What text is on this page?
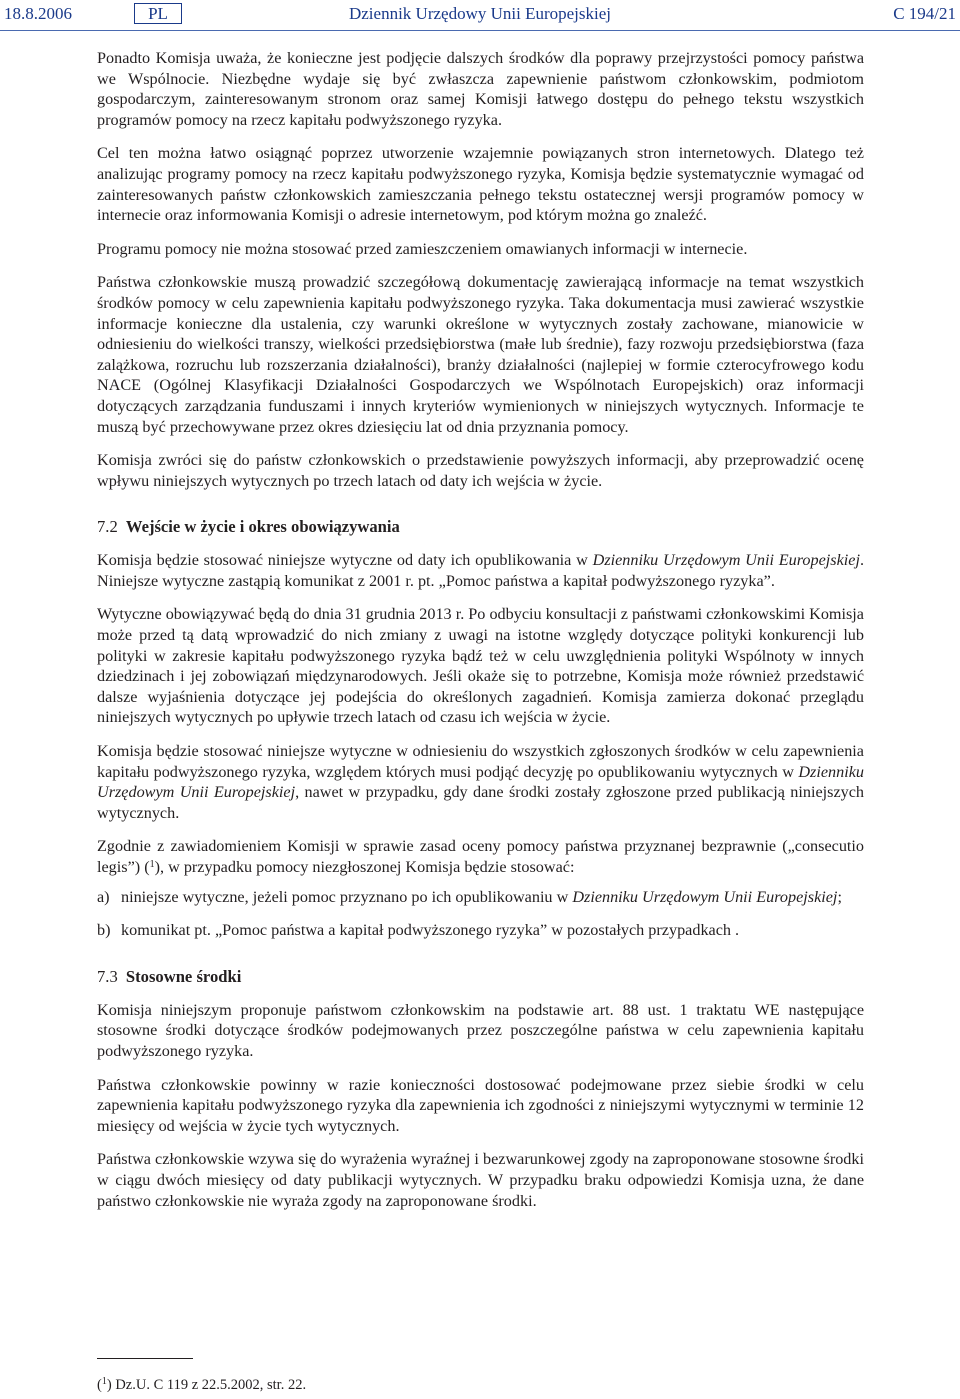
18.8.2006	PL	Dziennik Urzędowy Unii Europejskiej	C 194/21

Ponadto Komisja uważa, że konieczne jest podjęcie dalszych środków dla poprawy przejrzystości pomocy państwa we Wspólnocie. Niezbędne wydaje się być zwłaszcza zapewnienie państwom członkowskim, podmiotom gospodarczym, zainteresowanym stronom oraz samej Komisji łatwego dostępu do pełnego tekstu wszystkich programów pomocy na rzecz kapitału podwyższonego ryzyka.

Cel ten można łatwo osiągnąć poprzez utworzenie wzajemnie powiązanych stron internetowych. Dlatego też analizując programy pomocy na rzecz kapitału podwyższonego ryzyka, Komisja będzie systematycznie wymagać od zainteresowanych państw członkowskich zamieszczania pełnego tekstu ostatecznej wersji programów pomocy w internecie oraz informowania Komisji o adresie internetowym, pod którym można go znaleźć.

Programu pomocy nie można stosować przed zamieszczeniem omawianych informacji w internecie.

Państwa członkowskie muszą prowadzić szczegółową dokumentację zawierającą informacje na temat wszystkich środków pomocy w celu zapewnienia kapitału podwyższonego ryzyka. Taka dokumentacja musi zawierać wszystkie informacje konieczne dla ustalenia, czy warunki określone w wytycznych zostały zachowane, mianowicie w odniesieniu do wielkości transzy, wielkości przedsiębiorstwa (małe lub średnie), fazy rozwoju przedsiębiorstwa (faza zalążkowa, rozruchu lub rozszerzania działalności), branży działalności (najlepiej w formie czterocyfrowego kodu NACE (Ogólnej Klasyfikacji Działalności Gospodarczych we Wspólnotach Europejskich) oraz informacji dotyczących zarządzania funduszami i innych kryteriów wymienionych w niniejszych wytycznych. Informacje te muszą być przechowywane przez okres dziesięciu lat od dnia przyznania pomocy.

Komisja zwróci się do państw członkowskich o przedstawienie powyższych informacji, aby przeprowadzić ocenę wpływu niniejszych wytycznych po trzech latach od daty ich wejścia w życie.

7.2 Wejście w życie i okres obowiązywania

Komisja będzie stosować niniejsze wytyczne od daty ich opublikowania w Dzienniku Urzędowym Unii Europejskiej. Niniejsze wytyczne zastąpią komunikat z 2001 r. pt. „Pomoc państwa a kapitał podwyższonego ryzyka”.

Wytyczne obowiązywać będą do dnia 31 grudnia 2013 r. Po odbyciu konsultacji z państwami członkowskimi Komisja może przed tą datą wprowadzić do nich zmiany z uwagi na istotne względy dotyczące polityki konkurencji lub polityki w zakresie kapitału podwyższonego ryzyka bądź też w celu uwzględnienia polityki Wspólnoty w innych dziedzinach i jej zobowiązań międzynarodowych. Jeśli okaże się to potrzebne, Komisja może również przedstawić dalsze wyjaśnienia dotyczące jej podejścia do określonych zagadnień. Komisja zamierza dokonać przeglądu niniejszych wytycznych po upływie trzech latach od czasu ich wejścia w życie.

Komisja będzie stosować niniejsze wytyczne w odniesieniu do wszystkich zgłoszonych środków w celu zapewnienia kapitału podwyższonego ryzyka, względem których musi podjąć decyzję po opublikowaniu wytycznych w Dzienniku Urzędowym Unii Europejskiej, nawet w przypadku, gdy dane środki zostały zgłoszone przed publikacją niniejszych wytycznych.

Zgodnie z zawiadomieniem Komisji w sprawie zasad oceny pomocy państwa przyznanej bezprawnie („consecutio legis”) ($^1$), w przypadku pomocy niezgłoszonej Komisja będzie stosować:

a) niniejsze wytyczne, jeżeli pomoc przyznano po ich opublikowaniu w Dzienniku Urzędowym Unii Europejskiej;
b) komunikat pt. „Pomoc państwa a kapitał podwyższonego ryzyka” w pozostałych przypadkach .
7.3 Stosowne środki

Komisja niniejszym proponuje państwom członkowskim na podstawie art. 88 ust. 1 traktatu WE następujące stosowne środki dotyczące środków podejmowanych przez poszczególne państwa w celu zapewnienia kapitału podwyższonego ryzyka.

Państwa członkowskie powinny w razie konieczności dostosować podejmowane przez siebie środki w celu zapewnienia kapitału podwyższonego ryzyka dla zapewnienia ich zgodności z niniejszymi wytycznymi w terminie 12 miesięcy od wejścia w życie tych wytycznych.

Państwa członkowskie wzywa się do wyrażenia wyraźnej i bezwarunkowej zgody na zaproponowane stosowne środki w ciągu dwóch miesięcy od daty publikacji wytycznych. W przypadku braku odpowiedzi Komisja uzna, że dane państwo członkowskie nie wyraża zgody na zaproponowane środki.

($^1$) Dz.U. C 119 z 22.5.2002, str. 22.
